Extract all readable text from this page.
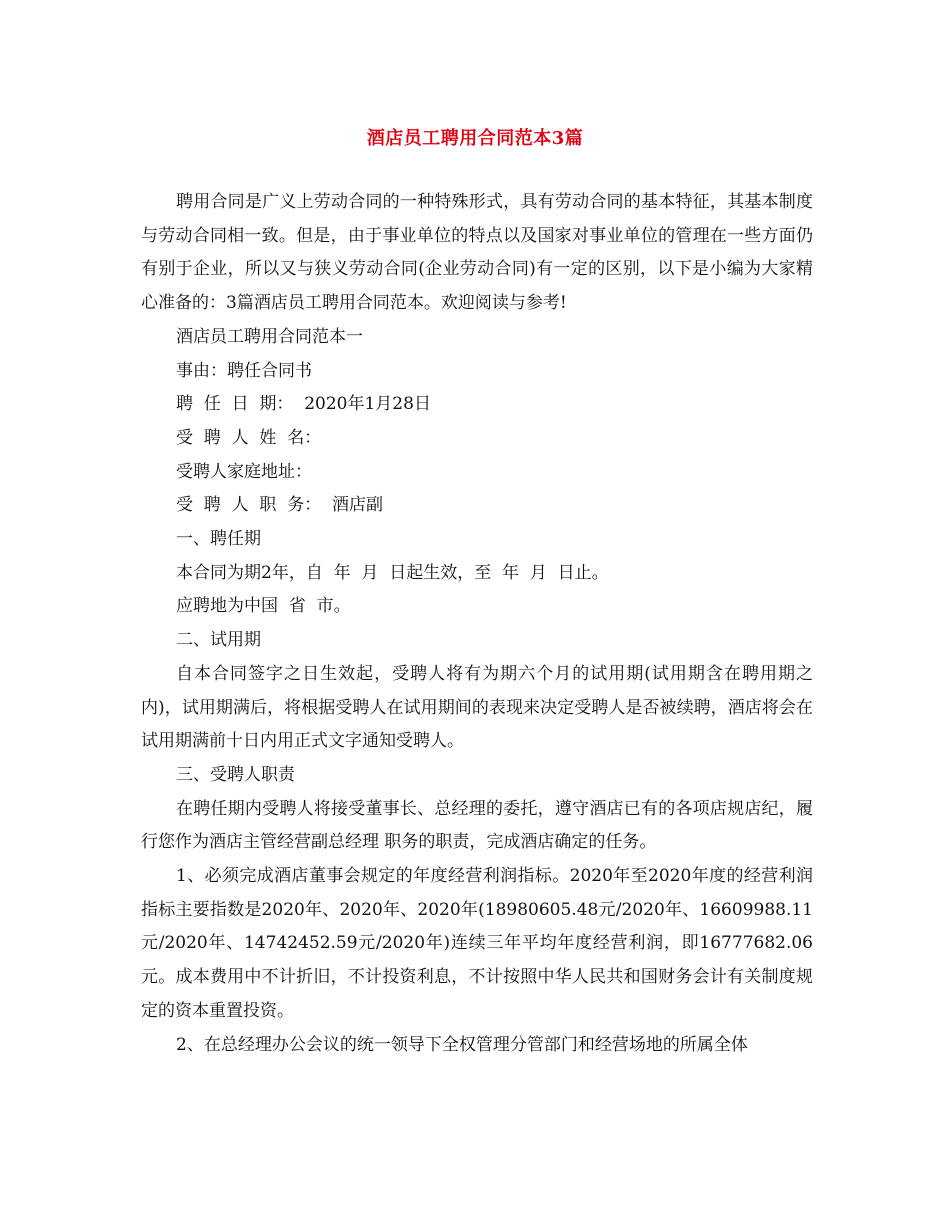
酒店员工聘用合同范本3篇

聘用合同是广义上劳动合同的一种特殊形式，具有劳动合同的基本特征，其基本制度与劳动合同相一致。但是，由于事业单位的特点以及国家对事业单位的管理在一些方面仍有别于企业，所以又与狭义劳动合同(企业劳动合同)有一定的区别，以下是小编为大家精心准备的：3篇酒店员工聘用合同范本。欢迎阅读与参考!

酒店员工聘用合同范本一

事由：聘任合同书

聘  任  日  期：  2020年1月28日

受  聘  人  姓  名：

受聘人家庭地址：

受  聘  人  职  务：  酒店副

一、聘任期

本合同为期2年，自  年  月  日起生效，至  年  月  日止。

应聘地为中国  省  市。

二、试用期

自本合同签字之日生效起，受聘人将有为期六个月的试用期(试用期含在聘用期之内)，试用期满后，将根据受聘人在试用期间的表现来决定受聘人是否被续聘，酒店将会在试用期满前十日内用正式文字通知受聘人。

三、受聘人职责

在聘任期内受聘人将接受董事长、总经理的委托，遵守酒店已有的各项店规店纪，履行您作为酒店主管经营副总经理 职务的职责，完成酒店确定的任务。

1、必须完成酒店董事会规定的年度经营利润指标。2020年至2020年度的经营利润指标主要指数是2020年、2020年、2020年(18980605.48元/2020年、16609988.11元/2020年、14742452.59元/2020年)连续三年平均年度经营利润，即16777682.06元。成本费用中不计折旧，不计投资利息，不计按照中华人民共和国财务会计有关制度规定的资本重置投资。

2、在总经理办公会议的统一领导下全权管理分管部门和经营场地的所属全体
